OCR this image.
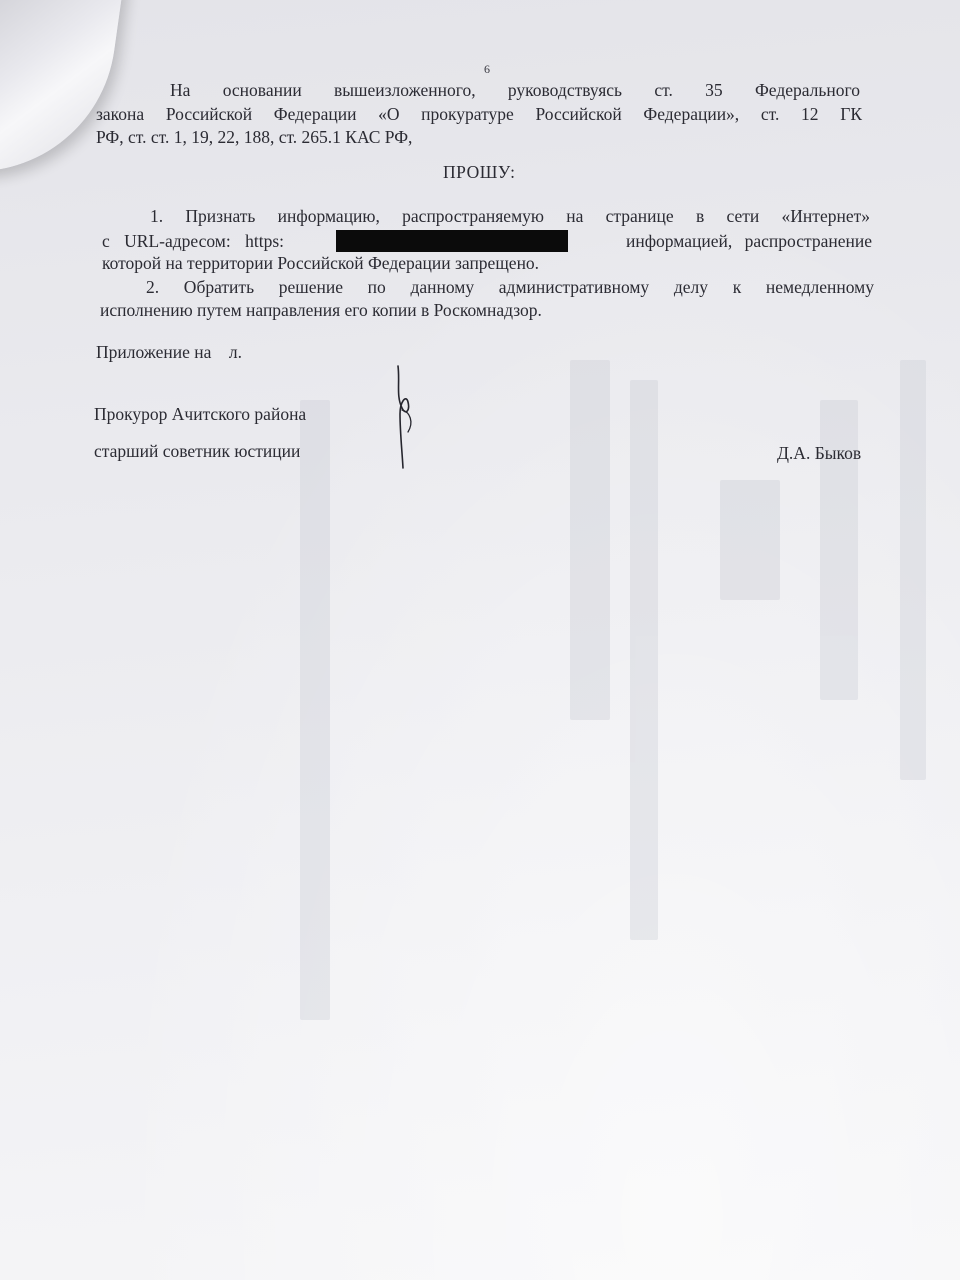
6
На основании вышеизложенного, руководствуясь ст. 35 Федерального
закона Российской Федерации «О прокуратуре Российской Федерации», ст. 12 ГК
РФ, ст. ст. 1, 19, 22, 188, ст. 265.1 КАС РФ,
ПРОШУ:
1. Признать информацию, распространяемую на странице в сети «Интернет»
с URL-адресом: https:	информацией, распространение
которой на территории Российской Федерации запрещено.
2. Обратить решение по данному административному делу к немедленному
исполнению путем направления его копии в Роскомнадзор.
Приложение на    л.
Прокурор Ачитского района
старший советник юстиции	Д.А. Быков
